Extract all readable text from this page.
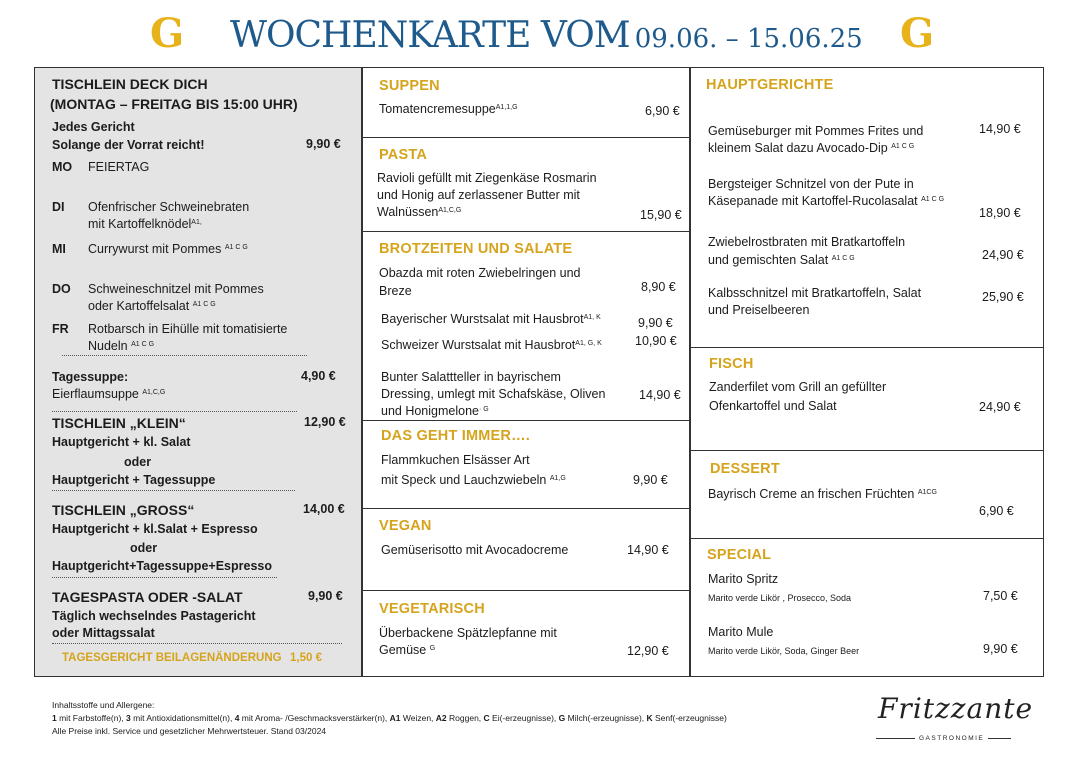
G WOCHENKARTE VOM 09.06. – 15.06.25 G
TISCHLEIN DECK DICH
(MONTAG – FREITAG BIS 15:00 UHR)
Jedes Gericht
Solange der Vorrat reicht!	9,90 €
MO FEIERTAG
DI Ofenfrischer Schweinebraten
mit Kartoffelknödel$^{A1,}$
MI Currywurst mit Pommes $^{A1 C G}$
DO Schweineschnitzel mit Pommes
oder Kartoffelsalat $^{A1 C G}$
FR Rotbarsch in Eihülle mit tomatisierte
Nudeln $^{A1 C G}$
Tagessuppe:	4,90 €
Eierflaumsuppe $^{A1,C,G}$
TISCHLEIN „KLEIN“	12,90 €
Hauptgericht + kl. Salat
oder
Hauptgericht + Tagessuppe
TISCHLEIN „GROSS“	14,00 €
Hauptgericht + kl.Salat + Espresso
oder
Hauptgericht+Tagessuppe+Espresso
TAGESPASTA ODER -SALAT	9,90 €
Täglich wechselndes Pastagericht
oder Mittagssalat
TAGESGERICHT BEILAGENÄNDERUNG 1,50 €
SUPPEN
Tomatencremesuppe$^{A1,1,G}$	6,90 €
PASTA
Ravioli gefüllt mit Ziegenkäse Rosmarin
und Honig auf zerlassener Butter mit
Walnüssen$^{A1,C,G}$	15,90 €
BROTZEITEN UND SALATE
Obazda mit roten Zwiebelringen und
Breze	8,90 €
Bayerischer Wurstsalat mit Hausbrot$^{A1, K}$	9,90 €
Schweizer Wurstsalat mit Hausbrot$^{A1, G, K}$	10,90 €
Bunter Salattteller in bayrischem
Dressing, umlegt mit Schafskäse, Oliven
und Honigmelone$^{\cdot G}$
14,90 €
DAS GEHT IMMER….
Flammkuchen Elsässer Art
mit Speck und Lauchzwiebeln $^{A1,G}$	9,90 €
VEGAN
Gemüserisotto mit Avocadocreme	14,90 €
VEGETARISCH
Überbackene Spätzlepfanne mit
Gemüse $^G$	12,90 €
HAUPTGERICHTE
Gemüseburger mit Pommes Frites und
kleinem Salat dazu Avocado-Dip $^{A1 C G}$
14,90 €
Bergsteiger Schnitzel von der Pute in
Käsepanade mit Kartoffel-Rucolasalat $^{A1 C G}$
18,90 €
Zwiebelrostbraten mit Bratkartoffeln
und gemischten Salat $^{A1 C G}$	24,90 €
Kalbsschnitzel mit Bratkartoffeln, Salat
und Preiselbeeren
25,90 €
FISCH
Zanderfilet vom Grill an gefüllter
Ofenkartoffel und Salat	24,90 €
DESSERT
Bayrisch Creme an frischen Früchten $^{A1CG}$
6,90 €
SPECIAL
Marito Spritz
Marito verde Likör , Prosecco, Soda	7,50 €
Marito Mule
Marito verde Likör, Soda, Ginger Beer	9,90 €
Inhaltsstoffe und Allergene:
1 mit Farbstoffe(n), 3 mit Antioxidationsmittel(n), 4 mit Aroma- /Geschmacksverstärker(n), A1 Weizen, A2 Roggen, C Ei(-erzeugnisse), G Milch(-erzeugnisse), K Senf(-erzeugnisse)
Alle Preise inkl. Service und gesetzlicher Mehrwertsteuer. Stand 03/2024
Fritzzante
GASTRONOMIE
